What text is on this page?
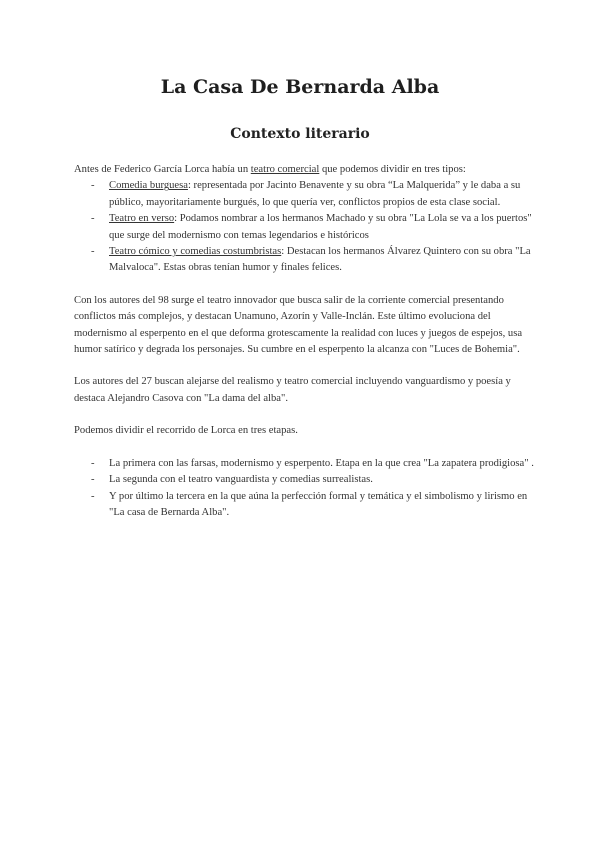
La Casa De Bernarda Alba
Contexto literario

Antes de Federico García Lorca había un teatro comercial que podemos dividir en tres tipos:

- Comedia burguesa: representada por Jacinto Benavente y su obra “La Malquerida” y le daba a su público, mayoritariamente burgués, lo que quería ver, conflictos propios de esta clase social.
- Teatro en verso: Podamos nombrar a los hermanos Machado y su obra "La Lola se va a los puertos" que surge del modernismo con temas legendarios e históricos
- Teatro cómico y comedias costumbristas: Destacan los hermanos Álvarez Quintero con su obra "La Malvaloca". Estas obras tenían humor y finales felices.

Con los autores del 98 surge el teatro innovador que busca salir de la corriente comercial presentando conflictos más complejos, y destacan Unamuno, Azorín y Valle-Inclán. Este último evoluciona del modernismo al esperpento en el que deforma grotescamente la realidad con luces y juegos de espejos, usa humor satírico y degrada los personajes. Su cumbre en el esperpento la alcanza con "Luces de Bohemia".

Los autores del 27 buscan alejarse del realismo y teatro comercial incluyendo vanguardismo y poesía y destaca Alejandro Casova con "La dama del alba".

Podemos dividir el recorrido de Lorca en tres etapas.

- La primera con las farsas, modernismo y esperpento. Etapa en la que crea "La zapatera prodigiosa" .
- La segunda con el teatro vanguardista y comedias surrealistas.
- Y por último la tercera en la que aúna la perfección formal y temática y el simbolismo y lirismo en "La casa de Bernarda Alba".
